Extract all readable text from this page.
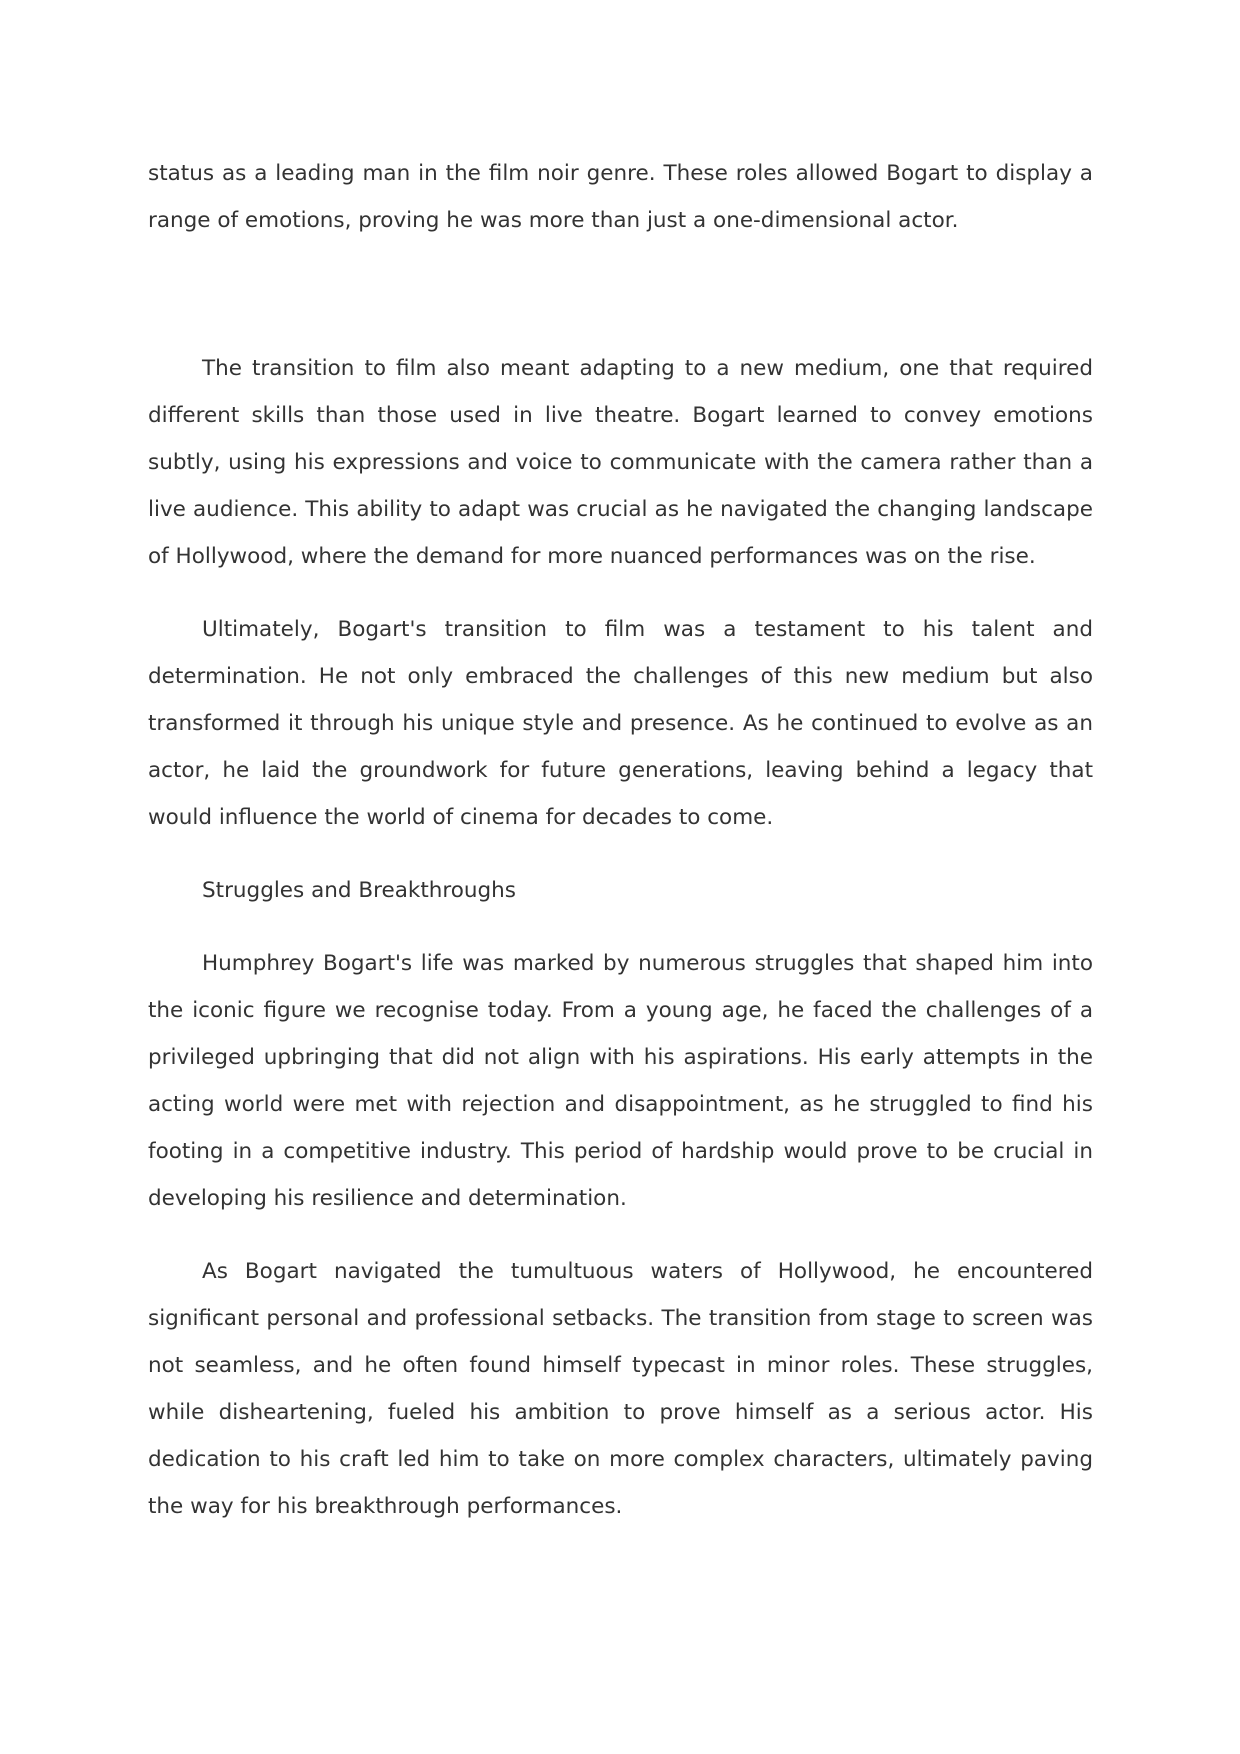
status as a leading man in the film noir genre. These roles allowed Bogart to display a range of emotions, proving he was more than just a one-dimensional actor.

The transition to film also meant adapting to a new medium, one that required different skills than those used in live theatre. Bogart learned to convey emotions subtly, using his expressions and voice to communicate with the camera rather than a live audience. This ability to adapt was crucial as he navigated the changing landscape of Hollywood, where the demand for more nuanced performances was on the rise.

Ultimately, Bogart's transition to film was a testament to his talent and determination. He not only embraced the challenges of this new medium but also transformed it through his unique style and presence. As he continued to evolve as an actor, he laid the groundwork for future generations, leaving behind a legacy that would influence the world of cinema for decades to come.

Struggles and Breakthroughs

Humphrey Bogart's life was marked by numerous struggles that shaped him into the iconic figure we recognise today. From a young age, he faced the challenges of a privileged upbringing that did not align with his aspirations. His early attempts in the acting world were met with rejection and disappointment, as he struggled to find his footing in a competitive industry. This period of hardship would prove to be crucial in developing his resilience and determination.

As Bogart navigated the tumultuous waters of Hollywood, he encountered significant personal and professional setbacks. The transition from stage to screen was not seamless, and he often found himself typecast in minor roles. These struggles, while disheartening, fueled his ambition to prove himself as a serious actor. His dedication to his craft led him to take on more complex characters, ultimately paving the way for his breakthrough performances.
